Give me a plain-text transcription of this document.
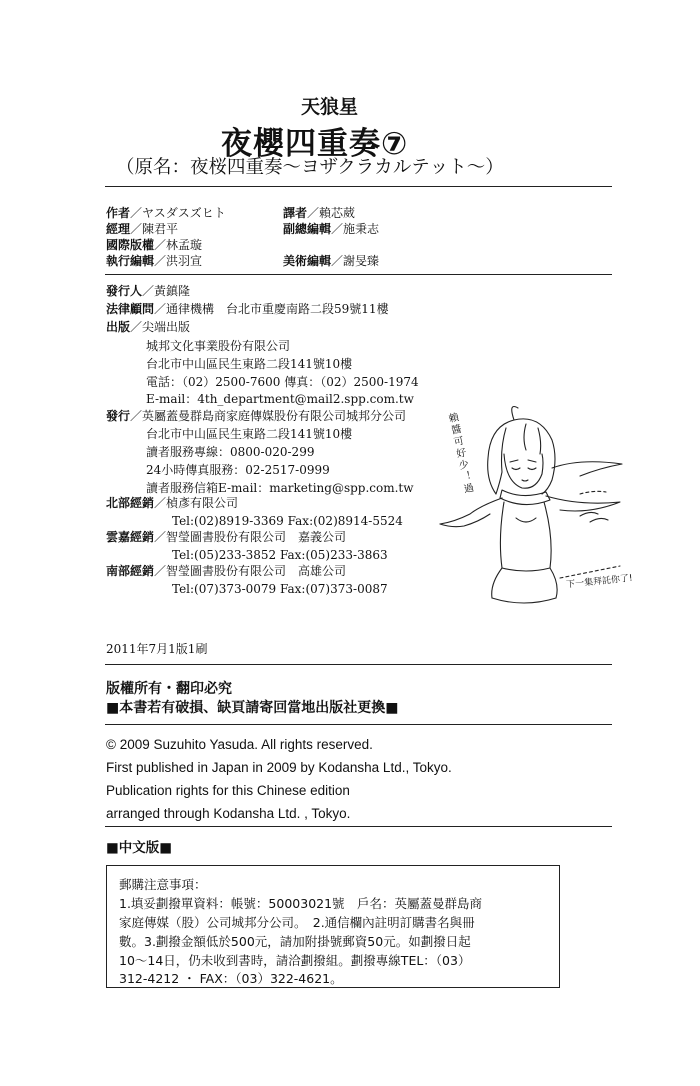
天狼星
夜櫻四重奏⑦
（原名：夜桜四重奏～ヨザクラカルテット～）
作者／ヤスダスズヒト	譯者／賴芯葳
經理／陳君平	副總編輯／施秉志
國際版權／林孟璇
執行編輯／洪羽宣	美術編輯／謝旻臻
發行人／黃鎮隆
法律顧問／通律機構　台北市重慶南路二段59號11樓
出版／尖端出版
城邦文化事業股份有限公司
台北市中山區民生東路二段141號10樓
電話：（02）2500-7600 傳真：（02）2500-1974
E-mail：4th_department@mail2.spp.com.tw
發行／英屬蓋曼群島商家庭傳媒股份有限公司城邦分公司
台北市中山區民生東路二段141號10樓
讀者服務專線：0800-020-299
24小時傳真服務：02-2517-0999
讀者服務信箱E-mail：marketing@spp.com.tw
北部經銷／楨彥有限公司
Tel:(02)8919-3369 Fax:(02)8914-5524
雲嘉經銷／智瑩圖書股份有限公司　嘉義公司
Tel:(05)233-3852 Fax:(05)233-3863
南部經銷／智瑩圖書股份有限公司　高雄公司
Tel:(07)373-0079 Fax:(07)373-0087
賴醬可好少！過
下一集拜託你了!
2011年7月1版1刷
版權所有・翻印必究
■本書若有破損、缺頁請寄回當地出版社更換■
© 2009 Suzuhito Yasuda. All rights reserved.
First published in Japan in 2009 by Kodansha Ltd., Tokyo.
Publication rights for this Chinese edition
arranged through Kodansha Ltd. , Tokyo.
■中文版■
郵購注意事項：
1.填妥劃撥單資料：帳號：50003021號　戶名：英屬蓋曼群島商
家庭傳媒（股）公司城邦分公司。　2.通信欄內註明訂購書名與冊
數。3.劃撥金額低於500元，請加附掛號郵資50元。如劃撥日起
10～14日，仍未收到書時，請洽劃撥組。劃撥專線TEL：（03）
312-4212 ・ FAX：（03）322-4621。
